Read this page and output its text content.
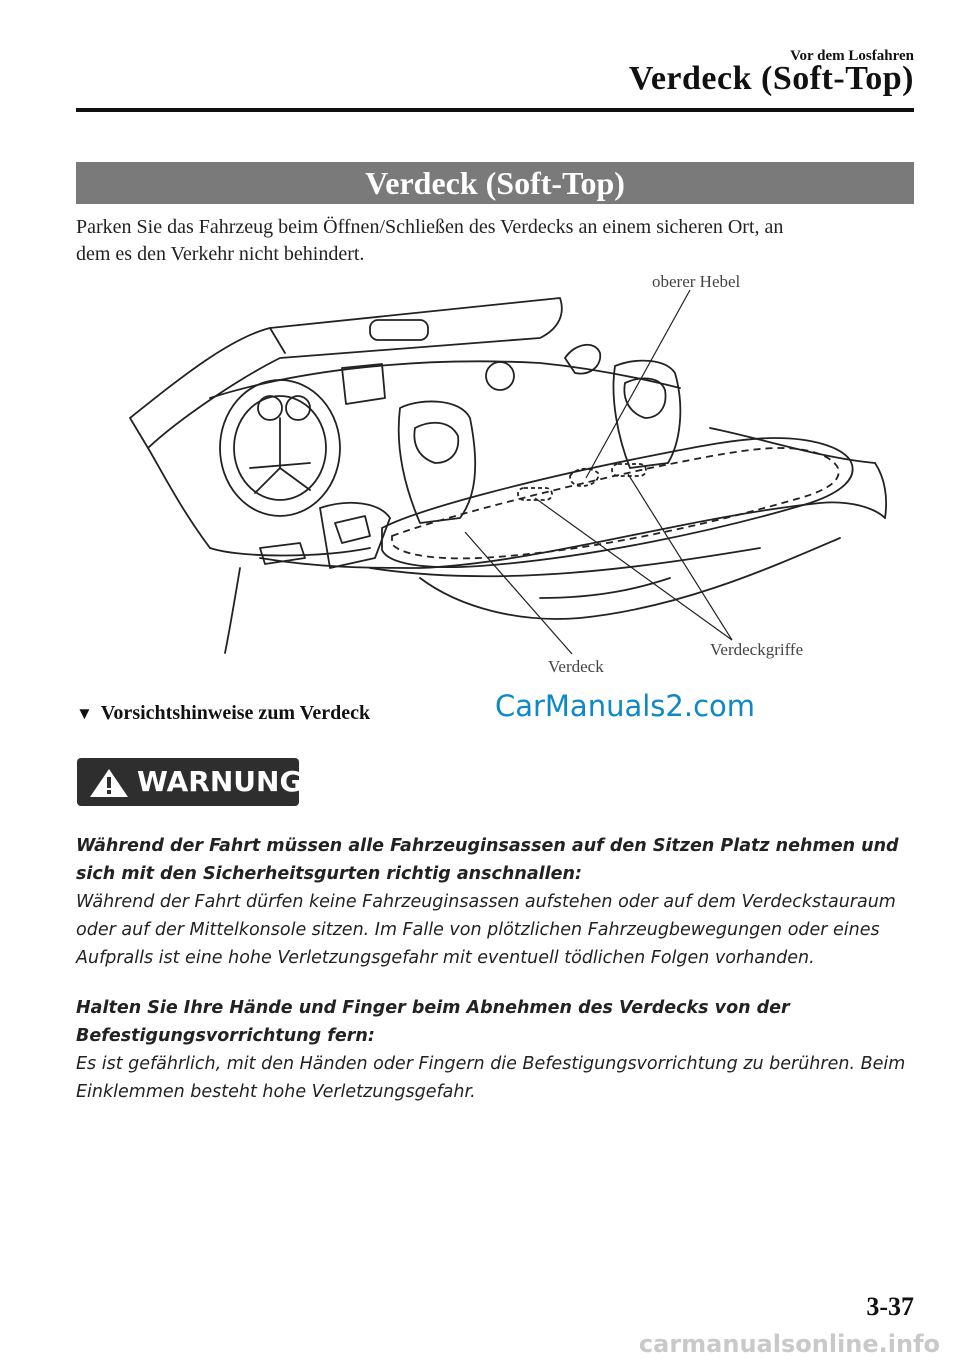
Vor dem Losfahren
Verdeck (Soft-Top)
Verdeck (Soft-Top)
Parken Sie das Fahrzeug beim Öffnen/Schließen des Verdecks an einem sicheren Ort, an
dem es den Verkehr nicht behindert.
oberer Hebel
Verdeckgriffe
Verdeck
▼ Vorsichtshinweise zum Verdeck	CarManuals2.com
WARNUNG
Während der Fahrt müssen alle Fahrzeuginsassen auf den Sitzen Platz nehmen und sich mit den Sicherheitsgurten richtig anschnallen:
Während der Fahrt dürfen keine Fahrzeuginsassen aufstehen oder auf dem Verdeckstauraum oder auf der Mittelkonsole sitzen. Im Falle von plötzlichen Fahrzeugbewegungen oder eines Aufpralls ist eine hohe Verletzungsgefahr mit eventuell tödlichen Folgen vorhanden.
Halten Sie Ihre Hände und Finger beim Abnehmen des Verdecks von der Befestigungsvorrichtung fern:
Es ist gefährlich, mit den Händen oder Fingern die Befestigungsvorrichtung zu berühren. Beim Einklemmen besteht hohe Verletzungsgefahr.
3-37
carmanualsonline.info
